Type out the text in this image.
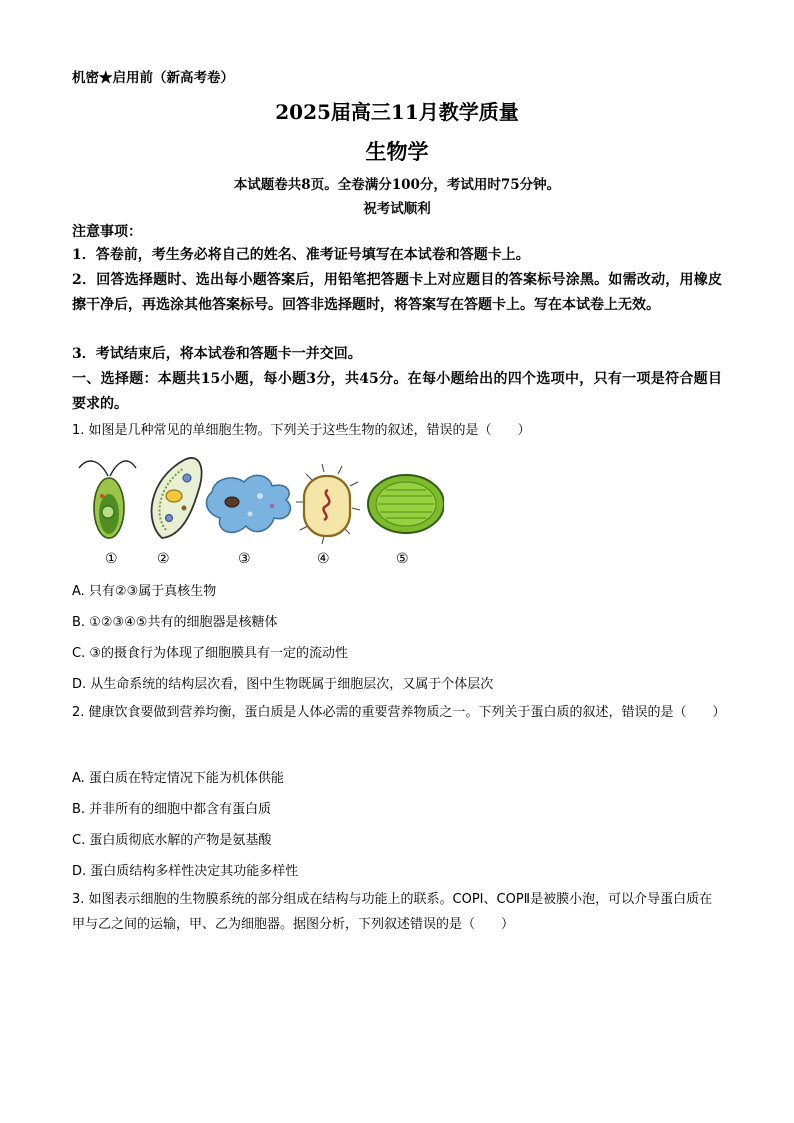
机密★启用前（新高考卷）
2025届高三11月教学质量
生物学
本试题卷共8页。全卷满分100分，考试用时75分钟。
祝考试顺利
注意事项：
1．答卷前，考生务必将自己的姓名、准考证号填写在本试卷和答题卡上。
2．回答选择题时、选出每小题答案后，用铅笔把答题卡上对应题目的答案标号涂黑。如需改动，用橡皮擦干净后，再选涂其他答案标号。回答非选择题时，将答案写在答题卡上。写在本试卷上无效。
3．考试结束后，将本试卷和答题卡一并交回。
一、选择题：本题共15小题，每小题3分，共45分。在每小题给出的四个选项中，只有一项是符合题目要求的。
1. 如图是几种常见的单细胞生物。下列关于这些生物的叙述，错误的是（　　）
①	②	③	④	⑤
A. 只有②③属于真核生物
B. ①②③④⑤共有的细胞器是核糖体
C. ③的摄食行为体现了细胞膜具有一定的流动性
D. 从生命系统的结构层次看，图中生物既属于细胞层次，又属于个体层次
2. 健康饮食要做到营养均衡，蛋白质是人体必需的重要营养物质之一。下列关于蛋白质的叙述，错误的是（　　）
A. 蛋白质在特定情况下能为机体供能
B. 并非所有的细胞中都含有蛋白质
C. 蛋白质彻底水解的产物是氨基酸
D. 蛋白质结构多样性决定其功能多样性
3. 如图表示细胞的生物膜系统的部分组成在结构与功能上的联系。COPⅠ、COPⅡ是被膜小泡，可以介导蛋白质在甲与乙之间的运输，甲、乙为细胞器。据图分析，下列叙述错误的是（　　）
